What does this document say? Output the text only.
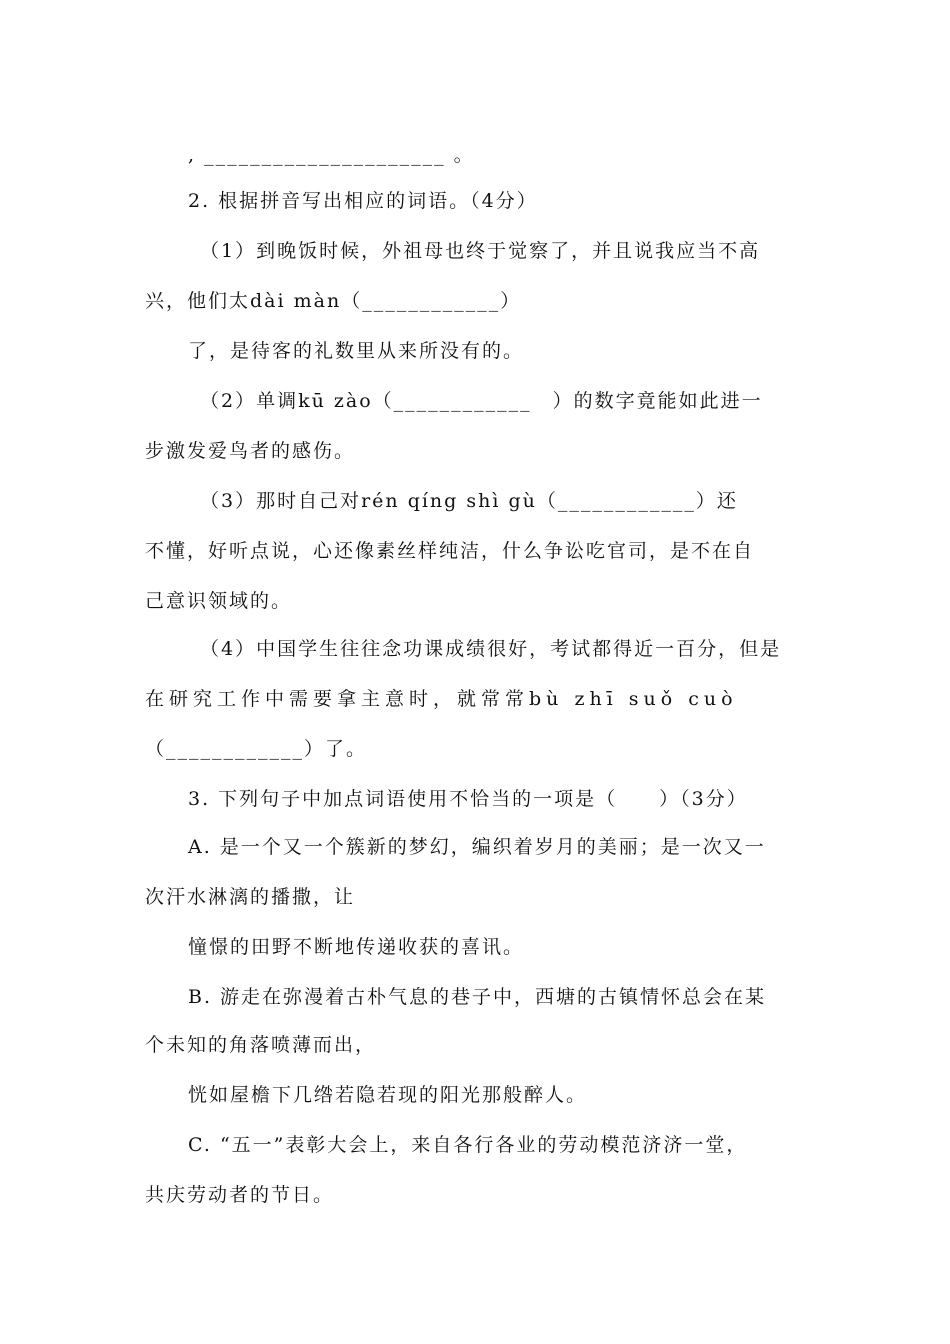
, _____________________ 。

2. 根据拼音写出相应的词语。（4分）

（1）到晚饭时候，外祖母也终于觉察了，并且说我应当不高

兴，他们太dài màn（____________）

了，是待客的礼数里从来所没有的。

（2）单调kū zào（____________　）的数字竟能如此进一

步激发爱鸟者的感伤。

（3）那时自己对rén qíng shì gù（____________）还

不懂，好听点说，心还像素丝样纯洁，什么争讼吃官司，是不在自

己意识领域的。

（4）中国学生往往念功课成绩很好，考试都得近一百分，但是

在研究工作中需要拿主意时，就常常bù zhī suǒ cuò

（____________）了。

3. 下列句子中加点词语使用不恰当的一项是（　　）（3分）

A. 是一个又一个簇新的梦幻，编织着岁月的美丽；是一次又一

次汗水淋漓的播撒，让

憧憬的田野不断地传递收获的喜讯。

B. 游走在弥漫着古朴气息的巷子中，西塘的古镇情怀总会在某

个未知的角落喷薄而出，

恍如屋檐下几绺若隐若现的阳光那般醉人。

C. “五一”表彰大会上，来自各行各业的劳动模范济济一堂，

共庆劳动者的节日。
